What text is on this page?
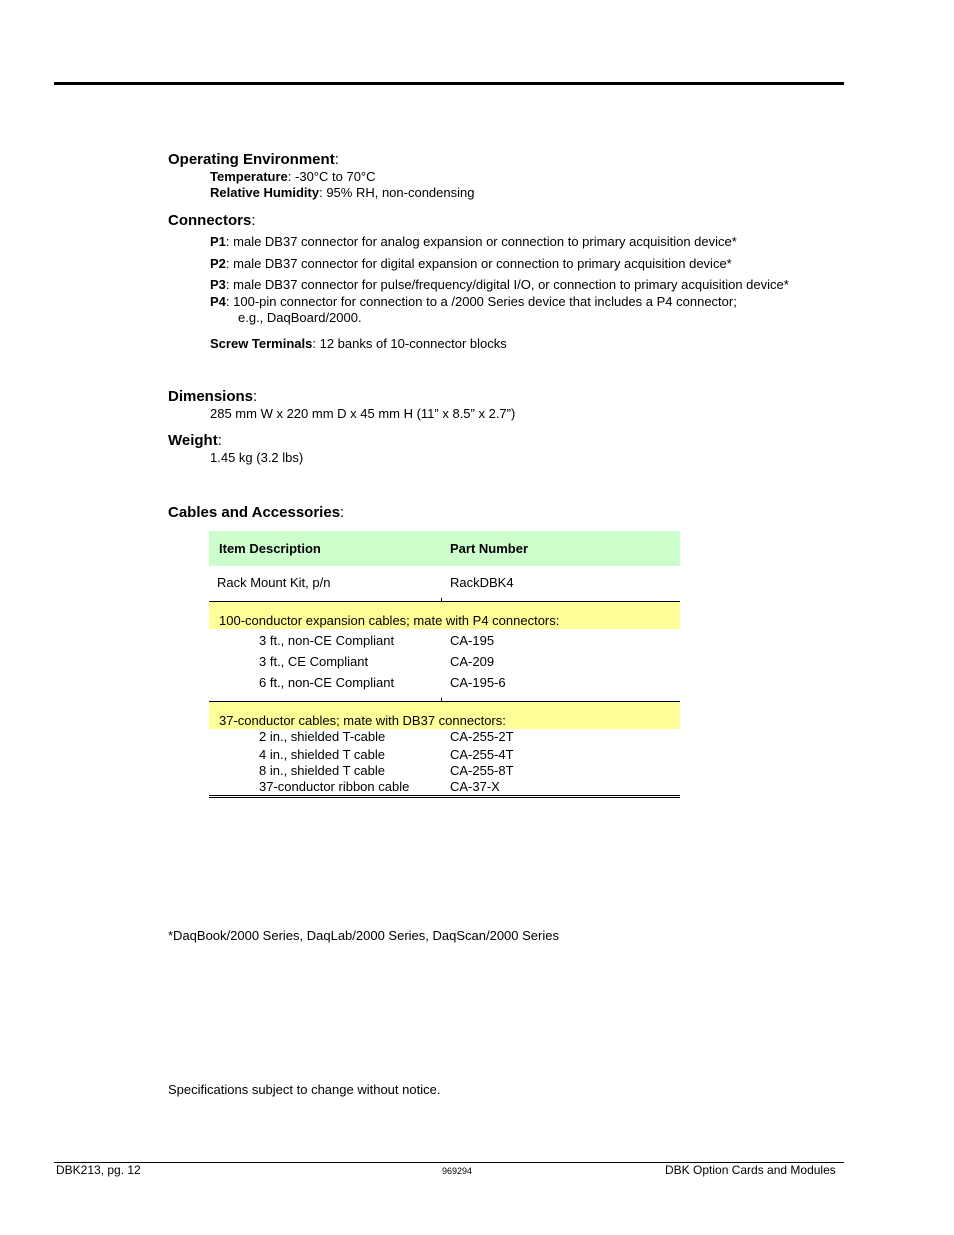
Operating Environment:
Temperature: -30°C to 70°C
Relative Humidity: 95% RH, non-condensing
Connectors:
P1: male DB37 connector for analog expansion or connection to primary acquisition device*
P2: male DB37 connector for digital expansion or connection to primary acquisition device*
P3: male DB37 connector for pulse/frequency/digital I/O, or connection to primary acquisition device*
P4: 100-pin connector for connection to a /2000 Series device that includes a P4 connector;
e.g., DaqBoard/2000.
Screw Terminals: 12 banks of 10-connector blocks
Dimensions:
285 mm W x 220 mm D x 45 mm H (11” x 8.5” x 2.7”)
Weight:
1.45 kg (3.2 lbs)
Cables and Accessories:
Item Description	Part Number
Rack Mount Kit, p/n	RackDBK4
100-conductor expansion cables; mate with P4 connectors:
3 ft., non-CE Compliant	CA-195
3 ft., CE Compliant	CA-209
6 ft., non-CE Compliant	CA-195-6
37-conductor cables; mate with DB37 connectors:
2 in., shielded T-cable	CA-255-2T
4 in., shielded T cable	CA-255-4T
8 in., shielded T cable	CA-255-8T
37-conductor ribbon cable	CA-37-X
*DaqBook/2000 Series, DaqLab/2000 Series, DaqScan/2000 Series
Specifications subject to change without notice.
DBK213, pg. 12	969294	DBK Option Cards and Modules
